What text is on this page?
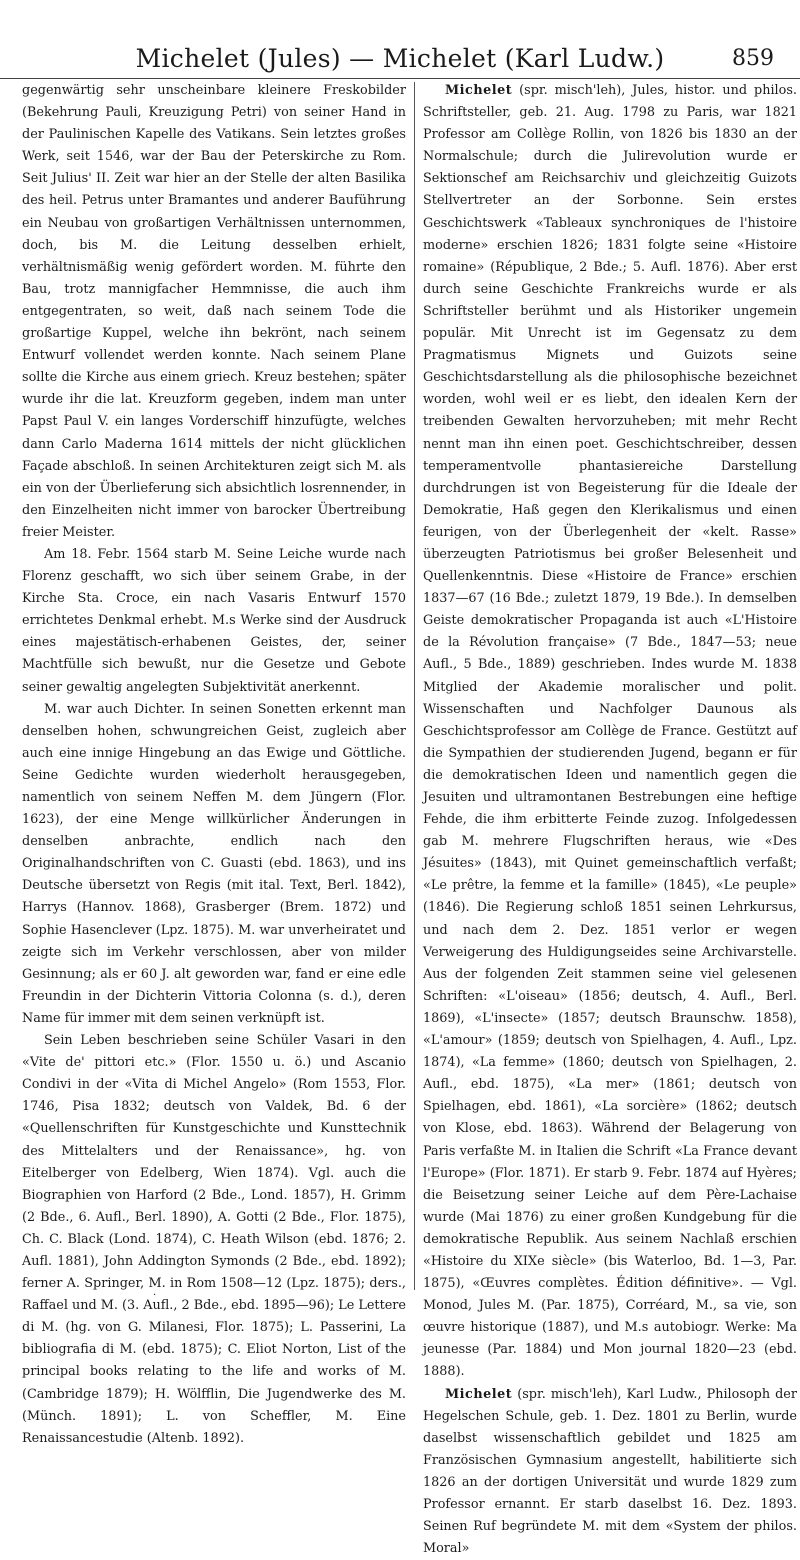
Michelet (Jules) — Michelet (Karl Ludw.)	859

gegenwärtig sehr unscheinbare kleinere Freskobilder (Bekehrung Pauli, Kreuzigung Petri) von seiner Hand in der Paulinischen Kapelle des Vatikans. Sein letztes großes Werk, seit 1546, war der Bau der Peterskirche zu Rom. Seit Julius' II. Zeit war hier an der Stelle der alten Basilika des heil. Petrus unter Bramantes und anderer Bauführung ein Neubau von großartigen Verhältnissen unternommen, doch, bis M. die Leitung desselben erhielt, verhältnismäßig wenig gefördert worden. M. führte den Bau, trotz mannigfacher Hemmnisse, die auch ihm entgegentraten, so weit, daß nach seinem Tode die großartige Kuppel, welche ihn bekrönt, nach seinem Entwurf vollendet werden konnte. Nach seinem Plane sollte die Kirche aus einem griech. Kreuz bestehen; später wurde ihr die lat. Kreuzform gegeben, indem man unter Papst Paul V. ein langes Vorderschiff hinzufügte, welches dann Carlo Maderna 1614 mittels der nicht glücklichen Façade abschloß. In seinen Architekturen zeigt sich M. als ein von der Überlieferung sich absichtlich losrennender, in den Einzelheiten nicht immer von barocker Übertreibung freier Meister.

Am 18. Febr. 1564 starb M. Seine Leiche wurde nach Florenz geschafft, wo sich über seinem Grabe, in der Kirche Sta. Croce, ein nach Vasaris Entwurf 1570 errichtetes Denkmal erhebt. M.s Werke sind der Ausdruck eines majestätisch-erhabenen Geistes, der, seiner Machtfülle sich bewußt, nur die Gesetze und Gebote seiner gewaltig angelegten Subjektivität anerkennt.

M. war auch Dichter. In seinen Sonetten erkennt man denselben hohen, schwungreichen Geist, zugleich aber auch eine innige Hingebung an das Ewige und Göttliche. Seine Gedichte wurden wiederholt herausgegeben, namentlich von seinem Neffen M. dem Jüngern (Flor. 1623), der eine Menge willkürlicher Änderungen in denselben anbrachte, endlich nach den Originalhandschriften von C. Guasti (ebd. 1863), und ins Deutsche übersetzt von Regis (mit ital. Text, Berl. 1842), Harrys (Hannov. 1868), Grasberger (Brem. 1872) und Sophie Hasenclever (Lpz. 1875). M. war unverheiratet und zeigte sich im Verkehr verschlossen, aber von milder Gesinnung; als er 60 J. alt geworden war, fand er eine edle Freundin in der Dichterin Vittoria Colonna (s. d.), deren Name für immer mit dem seinen verknüpft ist.

Sein Leben beschrieben seine Schüler Vasari in den «Vite de' pittori etc.» (Flor. 1550 u. ö.) und Ascanio Condivi in der «Vita di Michel Angelo» (Rom 1553, Flor. 1746, Pisa 1832; deutsch von Valdek, Bd. 6 der «Quellenschriften für Kunstgeschichte und Kunsttechnik des Mittelalters und der Renaissance», hg. von Eitelberger von Edelberg, Wien 1874). Vgl. auch die Biographien von Harford (2 Bde., Lond. 1857), H. Grimm (2 Bde., 6. Aufl., Berl. 1890), A. Gotti (2 Bde., Flor. 1875), Ch. C. Black (Lond. 1874), C. Heath Wilson (ebd. 1876; 2. Aufl. 1881), John Addington Symonds (2 Bde., ebd. 1892); ferner A. Springer, M. in Rom 1508—12 (Lpz. 1875); ders., Raffael und M. (3. Aufl., 2 Bde., ebd. 1895—96); Le Lettere di M. (hg. von G. Milanesi, Flor. 1875); L. Passerini, La bibliografia di M. (ebd. 1875); C. Eliot Norton, List of the principal books relating to the life and works of M. (Cambridge 1879); H. Wölfflin, Die Jugendwerke des M. (Münch. 1891); L. von Scheffler, M. Eine Renaissancestudie (Altenb. 1892).

Michelet (spr. misch'leh), Jules, histor. und philos. Schriftsteller, geb. 21. Aug. 1798 zu Paris, war 1821 Professor am Collège Rollin, von 1826 bis 1830 an der Normalschule; durch die Julirevolution wurde er Sektionschef am Reichsarchiv und gleichzeitig Guizots Stellvertreter an der Sorbonne. Sein erstes Geschichtswerk «Tableaux synchroniques de l'histoire moderne» erschien 1826; 1831 folgte seine «Histoire romaine» (République, 2 Bde.; 5. Aufl. 1876). Aber erst durch seine Geschichte Frankreichs wurde er als Schriftsteller berühmt und als Historiker ungemein populär. Mit Unrecht ist im Gegensatz zu dem Pragmatismus Mignets und Guizots seine Geschichtsdarstellung als die philosophische bezeichnet worden, wohl weil er es liebt, den idealen Kern der treibenden Gewalten hervorzuheben; mit mehr Recht nennt man ihn einen poet. Geschichtschreiber, dessen temperamentvolle phantasiereiche Darstellung durchdrungen ist von Begeisterung für die Ideale der Demokratie, Haß gegen den Klerikalismus und einen feurigen, von der Überlegenheit der «kelt. Rasse» überzeugten Patriotismus bei großer Belesenheit und Quellenkenntnis. Diese «Histoire de France» erschien 1837—67 (16 Bde.; zuletzt 1879, 19 Bde.). In demselben Geiste demokratischer Propaganda ist auch «L'Histoire de la Révolution française» (7 Bde., 1847—53; neue Aufl., 5 Bde., 1889) geschrieben. Indes wurde M. 1838 Mitglied der Akademie moralischer und polit. Wissenschaften und Nachfolger Daunous als Geschichtsprofessor am Collège de France. Gestützt auf die Sympathien der studierenden Jugend, begann er für die demokratischen Ideen und namentlich gegen die Jesuiten und ultramontanen Bestrebungen eine heftige Fehde, die ihm erbitterte Feinde zuzog. Infolgedessen gab M. mehrere Flugschriften heraus, wie «Des Jésuites» (1843), mit Quinet gemeinschaftlich verfaßt; «Le prêtre, la femme et la famille» (1845), «Le peuple» (1846). Die Regierung schloß 1851 seinen Lehrkursus, und nach dem 2. Dez. 1851 verlor er wegen Verweigerung des Huldigungseides seine Archivarstelle. Aus der folgenden Zeit stammen seine viel gelesenen Schriften: «L'oiseau» (1856; deutsch, 4. Aufl., Berl. 1869), «L'insecte» (1857; deutsch Braunschw. 1858), «L'amour» (1859; deutsch von Spielhagen, 4. Aufl., Lpz. 1874), «La femme» (1860; deutsch von Spielhagen, 2. Aufl., ebd. 1875), «La mer» (1861; deutsch von Spielhagen, ebd. 1861), «La sorcière» (1862; deutsch von Klose, ebd. 1863). Während der Belagerung von Paris verfaßte M. in Italien die Schrift «La France devant l'Europe» (Flor. 1871). Er starb 9. Febr. 1874 auf Hyères; die Beisetzung seiner Leiche auf dem Père-Lachaise wurde (Mai 1876) zu einer großen Kundgebung für die demokratische Republik. Aus seinem Nachlaß erschien «Histoire du XIXe siècle» (bis Waterloo, Bd. 1—3, Par. 1875), «Œuvres complètes. Édition définitive». — Vgl. Monod, Jules M. (Par. 1875), Corréard, M., sa vie, son œuvre historique (1887), und M.s autobiogr. Werke: Ma jeunesse (Par. 1884) und Mon journal 1820—23 (ebd. 1888).

Michelet (spr. misch'leh), Karl Ludw., Philosoph der Hegelschen Schule, geb. 1. Dez. 1801 zu Berlin, wurde daselbst wissenschaftlich gebildet und 1825 am Französischen Gymnasium angestellt, habilitierte sich 1826 an der dortigen Universität und wurde 1829 zum Professor ernannt. Er starb daselbst 16. Dez. 1893. Seinen Ruf begründete M. mit dem «System der philos. Moral»

·
